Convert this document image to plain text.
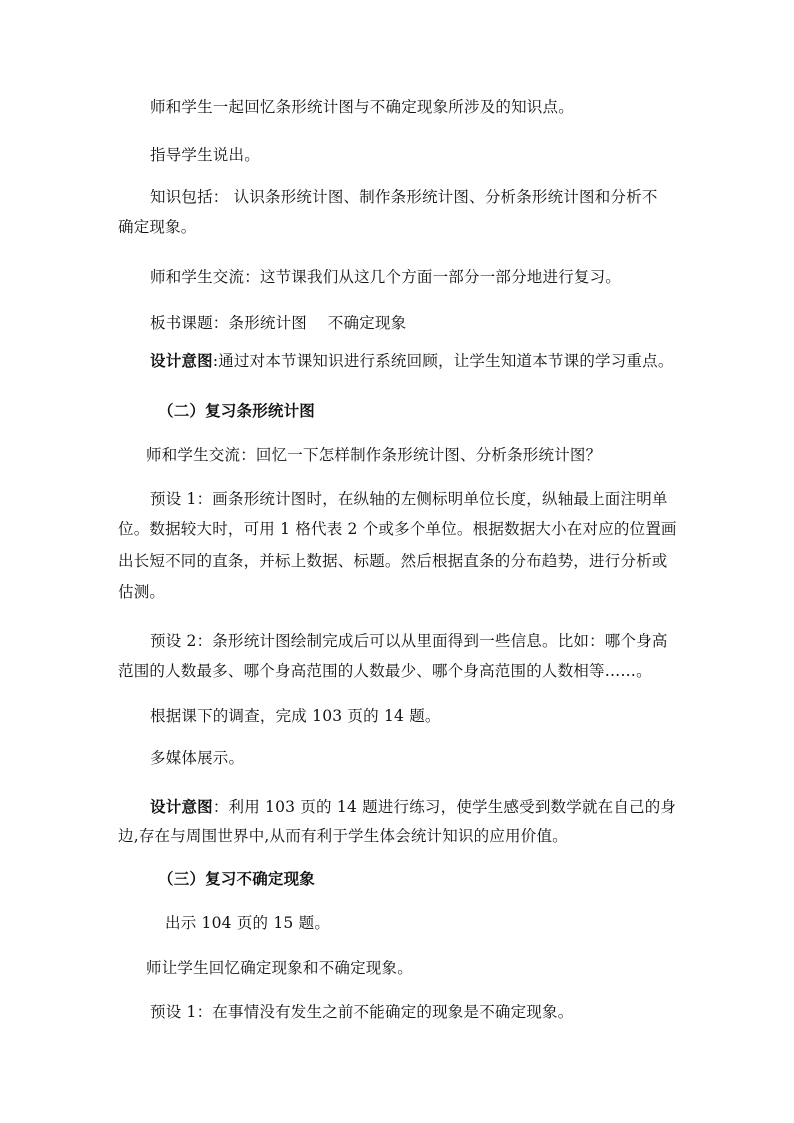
师和学生一起回忆条形统计图与不确定现象所涉及的知识点。
指导学生说出。
知识包括： 认识条形统计图、制作条形统计图、分析条形统计图和分析不
确定现象。
师和学生交流：这节课我们从这几个方面一部分一部分地进行复习。
板书课题：条形统计图　 不确定现象
设计意图:通过对本节课知识进行系统回顾，让学生知道本节课的学习重点。
（二）复习条形统计图
师和学生交流：回忆一下怎样制作条形统计图、分析条形统计图？
预设 1：画条形统计图时，在纵轴的左侧标明单位长度，纵轴最上面注明单
位。数据较大时，可用 1 格代表 2 个或多个单位。根据数据大小在对应的位置画
出长短不同的直条，并标上数据、标题。然后根据直条的分布趋势，进行分析或
估测。
预设 2：条形统计图绘制完成后可以从里面得到一些信息。比如：哪个身高
范围的人数最多、哪个身高范围的人数最少、哪个身高范围的人数相等……。
根据课下的调查，完成 103 页的 14 题。
多媒体展示。
设计意图：利用 103 页的 14 题进行练习，使学生感受到数学就在自己的身
边,存在与周围世界中,从而有利于学生体会统计知识的应用价值。
（三）复习不确定现象
出示 104 页的 15 题。
师让学生回忆确定现象和不确定现象。
预设 1：在事情没有发生之前不能确定的现象是不确定现象。
